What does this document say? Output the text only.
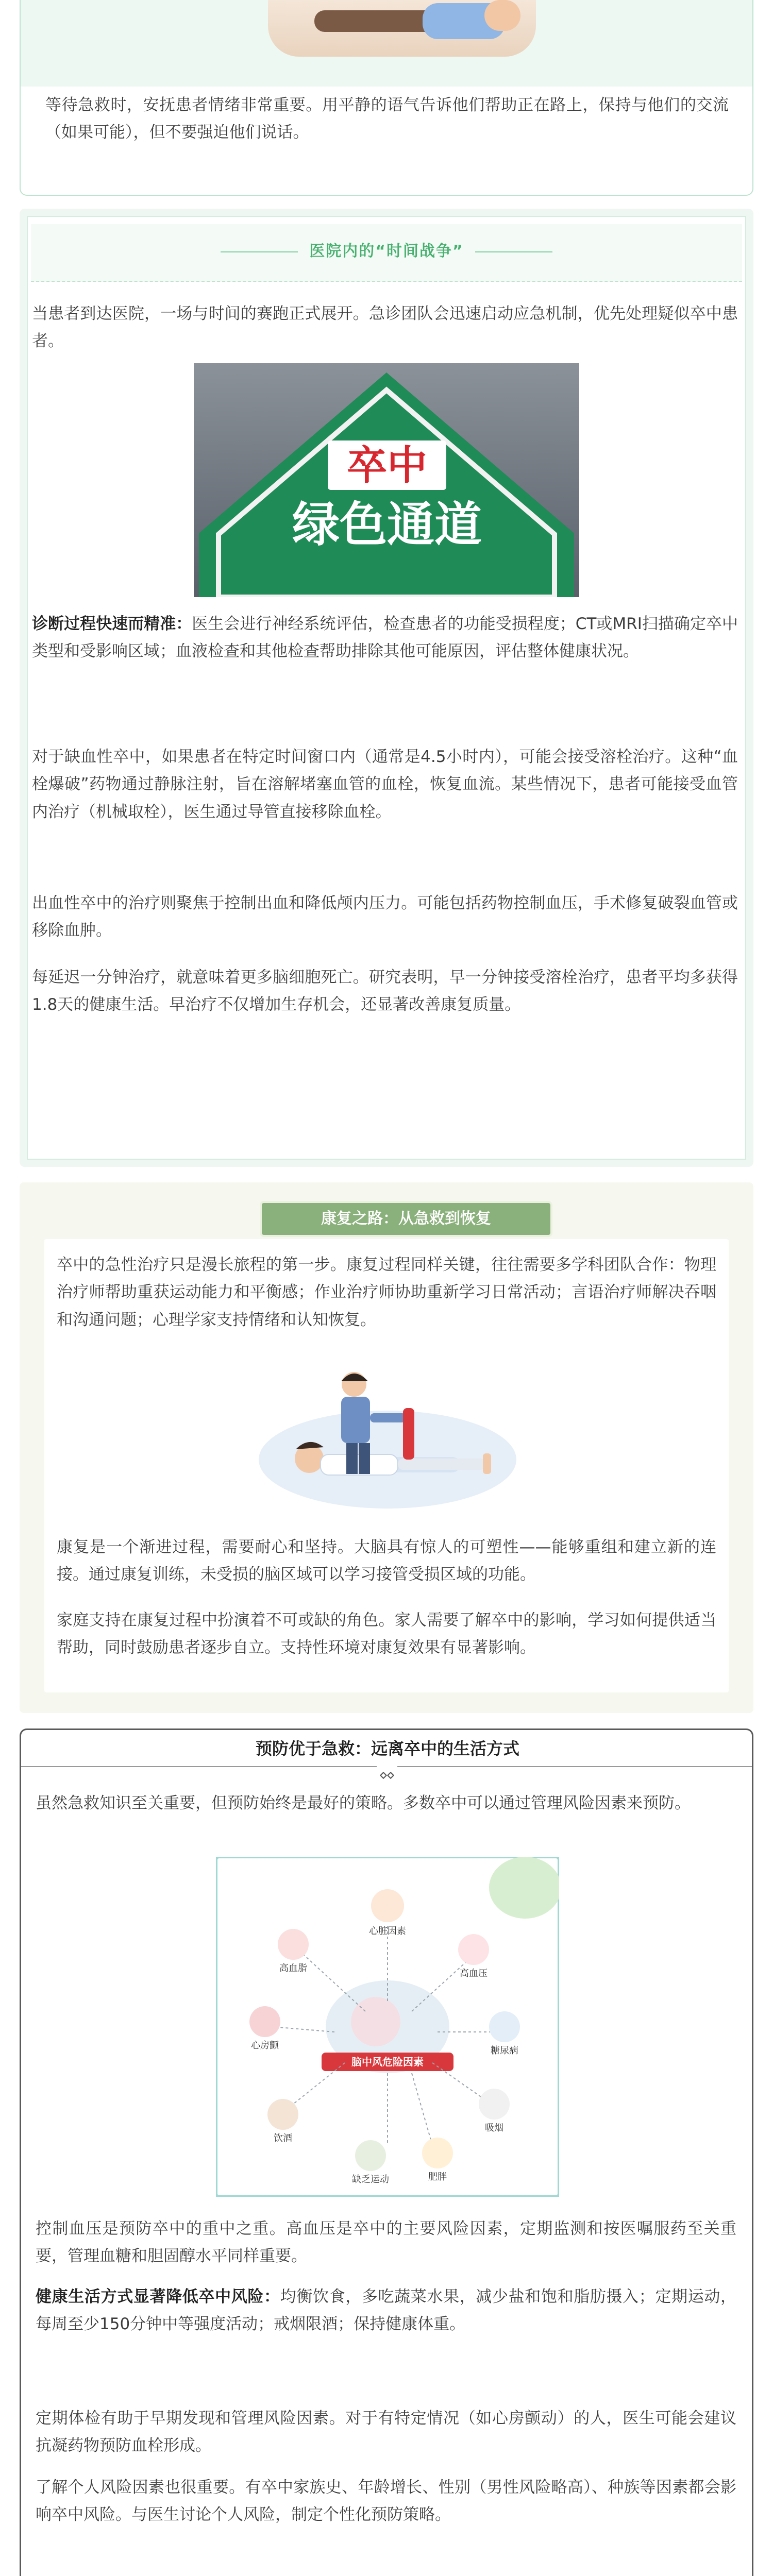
等待急救时，安抚患者情绪非常重要。用平静的语气告诉他们帮助正在路上，保持与他们的交流（如果可能），但不要强迫他们说话。

医院内的“时间战争”

当患者到达医院，一场与时间的赛跑正式展开。急诊团队会迅速启动应急机制，优先处理疑似卒中患者。

卒中
绿色通道

诊断过程快速而精准：医生会进行神经系统评估，检查患者的功能受损程度；CT或MRI扫描确定卒中类型和受影响区域；血液检查和其他检查帮助排除其他可能原因，评估整体健康状况。

对于缺血性卒中，如果患者在特定时间窗口内（通常是4.5小时内），可能会接受溶栓治疗。这种“血栓爆破”药物通过静脉注射，旨在溶解堵塞血管的血栓，恢复血流。某些情况下，患者可能接受血管内治疗（机械取栓），医生通过导管直接移除血栓。

出血性卒中的治疗则聚焦于控制出血和降低颅内压力。可能包括药物控制血压，手术修复破裂血管或移除血肿。

每延迟一分钟治疗，就意味着更多脑细胞死亡。研究表明，早一分钟接受溶栓治疗，患者平均多获得1.8天的健康生活。早治疗不仅增加生存机会，还显著改善康复质量。

康复之路：从急救到恢复

卒中的急性治疗只是漫长旅程的第一步。康复过程同样关键，往往需要多学科团队合作：物理治疗师帮助重获运动能力和平衡感；作业治疗师协助重新学习日常活动；言语治疗师解决吞咽和沟通问题；心理学家支持情绪和认知恢复。

康复是一个渐进过程，需要耐心和坚持。大脑具有惊人的可塑性——能够重组和建立新的连接。通过康复训练，未受损的脑区域可以学习接管受损区域的功能。

家庭支持在康复过程中扮演着不可或缺的角色。家人需要了解卒中的影响，学习如何提供适当帮助，同时鼓励患者逐步自立。支持性环境对康复效果有显著影响。

预防优于急救：远离卒中的生活方式

虽然急救知识至关重要，但预防始终是最好的策略。多数卒中可以通过管理风险因素来预防。

脑中风危险因素
心脏因素
高血脂	高血压
糖尿病
吸烟
肥胖
缺乏运动
饮酒
心房颤

控制血压是预防卒中的重中之重。高血压是卒中的主要风险因素，定期监测和按医嘱服药至关重要，管理血糖和胆固醇水平同样重要。

健康生活方式显著降低卒中风险：均衡饮食，多吃蔬菜水果，减少盐和饱和脂肪摄入；定期运动，每周至少150分钟中等强度活动；戒烟限酒；保持健康体重。

定期体检有助于早期发现和管理风险因素。对于有特定情况（如心房颤动）的人，医生可能会建议抗凝药物预防血栓形成。

了解个人风险因素也很重要。有卒中家族史、年龄增长、性别（男性风险略高）、种族等因素都会影响卒中风险。与医生讨论个人风险，制定个性化预防策略。
